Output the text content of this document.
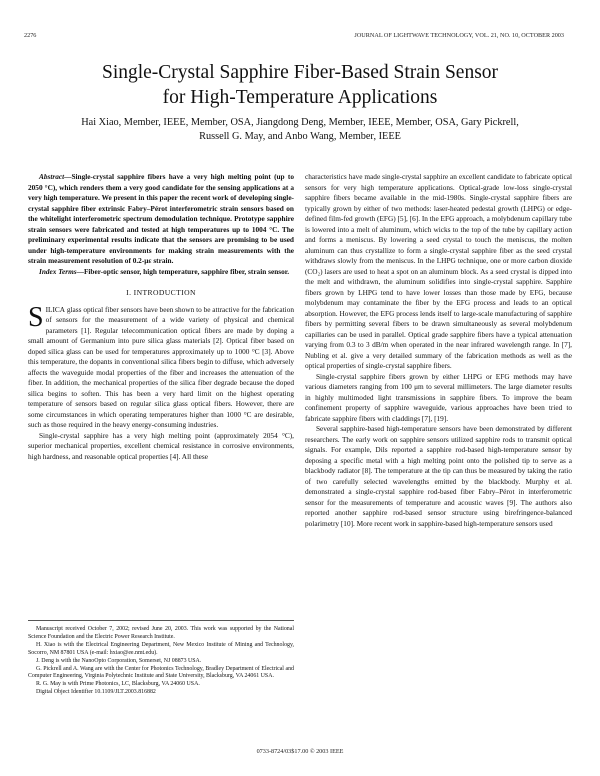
2276	JOURNAL OF LIGHTWAVE TECHNOLOGY, VOL. 21, NO. 10, OCTOBER 2003
Single-Crystal Sapphire Fiber-Based Strain Sensor
for High-Temperature Applications
Hai Xiao, Member, IEEE, Member, OSA, Jiangdong Deng, Member, IEEE, Member, OSA, Gary Pickrell,
Russell G. May, and Anbo Wang, Member, IEEE

Abstract—Single-crystal sapphire fibers have a very high melting point (up to 2050 °C), which renders them a very good candidate for the sensing applications at a very high temperature. We present in this paper the recent work of developing single-crystal sapphire fiber extrinsic Fabry–Pérot interferometric strain sensors based on the whitelight interferometric spectrum demodulation technique. Prototype sapphire strain sensors were fabricated and tested at high temperatures up to 1004 °C. The preliminary experimental results indicate that the sensors are promising to be used under high-temperature environments for making strain measurements with the strain measurement resolution of 0.2-με strain.

Index Terms—Fiber-optic sensor, high temperature, sapphire fiber, strain sensor.

I. INTRODUCTION

SILICA glass optical fiber sensors have been shown to be attractive for the fabrication of sensors for the measurement of a wide variety of physical and chemical parameters [1]. Regular telecommunication optical fibers are made by doping a small amount of Germanium into pure silica glass materials [2]. Optical fiber based on doped silica glass can be used for temperatures approximately up to 1000 °C [3]. Above this temperature, the dopants in conventional silica fibers begin to diffuse, which adversely affects the waveguide modal properties of the fiber and increases the attenuation of the fiber. In addition, the mechanical properties of the silica fiber degrade because the doped silica begins to soften. This has been a very hard limit on the highest operating temperature of sensors based on regular silica glass optical fibers. However, there are some circumstances in which operating temperatures higher than 1000 °C are desirable, such as those required in the heavy energy-consuming industries.

Single-crystal sapphire has a very high melting point (approximately 2054 °C), superior mechanical properties, excellent chemical resistance in corrosive environments, high hardness, and reasonable optical properties [4]. All these

Manuscript received October 7, 2002; revised June 20, 2003. This work was supported by the National Science Foundation and the Electric Power Research Institute.

H. Xiao is with the Electrical Engineering Department, New Mexico Institute of Mining and Technology, Socorro, NM 87801 USA (e-mail: hxiao@ee.nmt.edu).

J. Deng is with the NanoOpto Corporation, Somerset, NJ 08873 USA.

G. Pickrell and A. Wang are with the Center for Photonics Technology, Bradley Department of Electrical and Computer Engineering, Virginia Polytechnic Institute and State University, Blacksburg, VA 24061 USA.

R. G. May is with Prime Photonics, LC, Blacksburg, VA 24060 USA.

Digital Object Identifier 10.1109/JLT.2003.816882

characteristics have made single-crystal sapphire an excellent candidate to fabricate optical sensors for very high temperature applications. Optical-grade low-loss single-crystal sapphire fibers became available in the mid-1980s. Single-crystal sapphire fibers are typically grown by either of two methods: laser-heated pedestal growth (LHPG) or edge-defined film-fed growth (EFG) [5], [6]. In the EFG approach, a molybdenum capillary tube is lowered into a melt of aluminum, which wicks to the top of the tube by capillary action and forms a meniscus. By lowering a seed crystal to touch the meniscus, the molten aluminum can thus crystallize to form a single-crystal sapphire fiber as the seed crystal withdraws slowly from the meniscus. In the LHPG technique, one or more carbon dioxide (CO₂) lasers are used to heat a spot on an aluminum block. As a seed crystal is dipped into the melt and withdrawn, the aluminum solidifies into single-crystal sapphire. Sapphire fibers grown by LHPG tend to have lower losses than those made by EFG, because molybdenum may contaminate the fiber by the EFG process and leads to an optical absorption. However, the EFG process lends itself to large-scale manufacturing of sapphire fibers by permitting several fibers to be drawn simultaneously as several molybdenum capillaries can be used in parallel. Optical grade sapphire fibers have a typical attenuation varying from 0.3 to 3 dB/m when operated in the near infrared wavelength range. In [7], Nubling et al. give a very detailed summary of the fabrication methods as well as the optical properties of single-crystal sapphire fibers.

Single-crystal sapphire fibers grown by either LHPG or EFG methods may have various diameters ranging from 100 μm to several millimeters. The large diameter results in highly multimoded light transmissions in sapphire fibers. To improve the beam confinement property of sapphire waveguide, various approaches have been tried to fabricate sapphire fibers with claddings [7], [19].

Several sapphire-based high-temperature sensors have been demonstrated by different researchers. The early work on sapphire sensors utilized sapphire rods to transmit optical signals. For example, Dils reported a sapphire rod-based high-temperature sensor by deposing a specific metal with a high melting point onto the polished tip to serve as a blackbody radiator [8]. The temperature at the tip can thus be measured by taking the ratio of two carefully selected wavelengths emitted by the blackbody. Murphy et al. demonstrated a single-crystal sapphire rod-based fiber Fabry–Pérot in interferometric sensor for the measurements of temperature and acoustic waves [9]. The authors also reported another sapphire rod-based sensor structure using birefringence-balanced polarimetry [10]. More recent work in sapphire-based high-temperature sensors used

0733-8724/03$17.00 © 2003 IEEE
